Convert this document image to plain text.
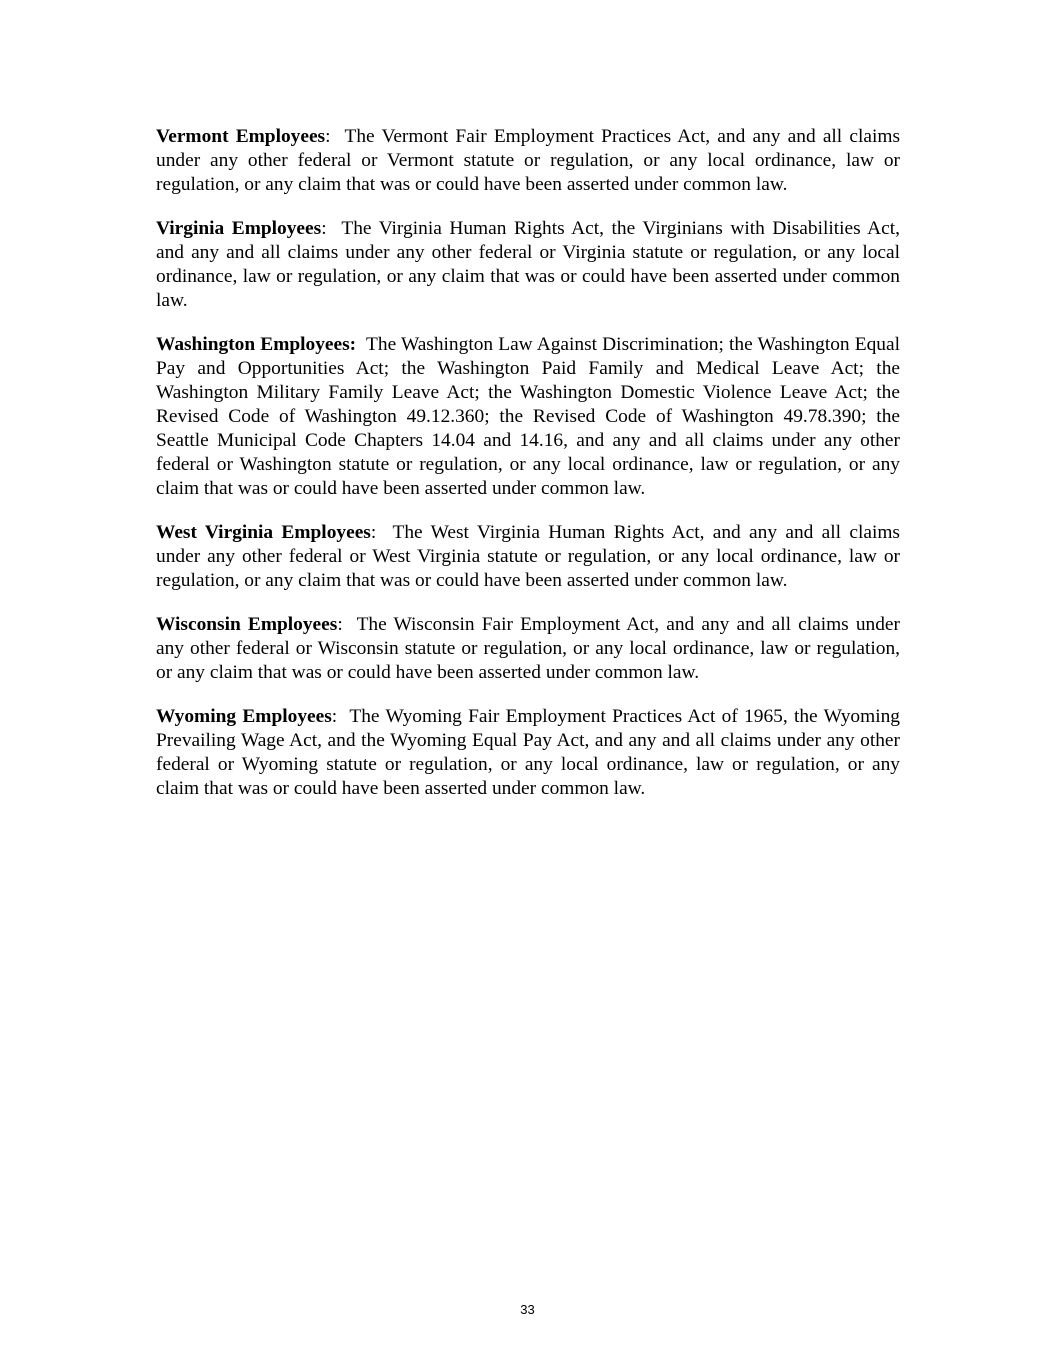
Vermont Employees:  The Vermont Fair Employment Practices Act, and any and all claims under any other federal or Vermont statute or regulation, or any local ordinance, law or regulation, or any claim that was or could have been asserted under common law.

Virginia Employees:  The Virginia Human Rights Act, the Virginians with Disabilities Act, and any and all claims under any other federal or Virginia statute or regulation, or any local ordinance, law or regulation, or any claim that was or could have been asserted under common law.

Washington Employees:  The Washington Law Against Discrimination; the Washington Equal Pay and Opportunities Act; the Washington Paid Family and Medical Leave Act; the Washington Military Family Leave Act; the Washington Domestic Violence Leave Act; the Revised Code of Washington 49.12.360; the Revised Code of Washington 49.78.390; the Seattle Municipal Code Chapters 14.04 and 14.16, and any and all claims under any other federal or Washington statute or regulation, or any local ordinance, law or regulation, or any claim that was or could have been asserted under common law.

West Virginia Employees:  The West Virginia Human Rights Act, and any and all claims under any other federal or West Virginia statute or regulation, or any local ordinance, law or regulation, or any claim that was or could have been asserted under common law.

Wisconsin Employees:  The Wisconsin Fair Employment Act, and any and all claims under any other federal or Wisconsin statute or regulation, or any local ordinance, law or regulation, or any claim that was or could have been asserted under common law.

Wyoming Employees:  The Wyoming Fair Employment Practices Act of 1965, the Wyoming Prevailing Wage Act, and the Wyoming Equal Pay Act, and any and all claims under any other federal or Wyoming statute or regulation, or any local ordinance, law or regulation, or any claim that was or could have been asserted under common law.

33
